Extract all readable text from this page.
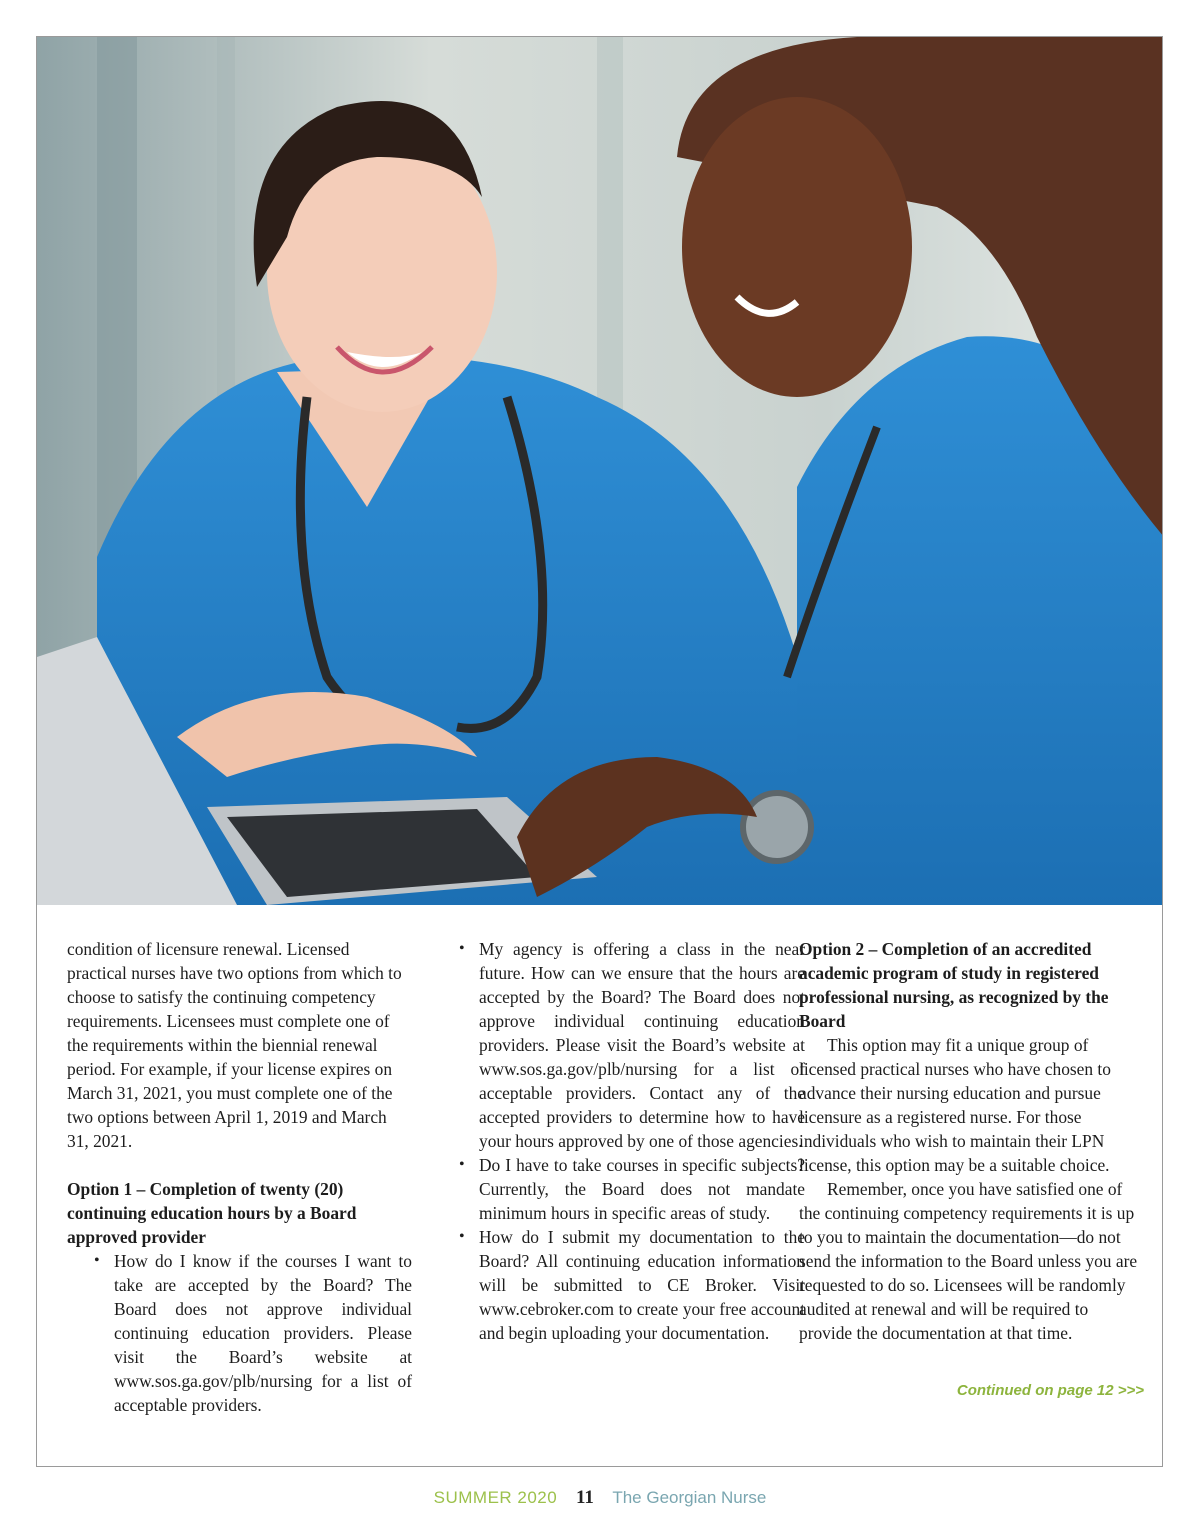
condition of licensure renewal. Licensed practical nurses have two options from which to choose to satisfy the continuing competency requirements. Licensees must complete one of the requirements within the biennial renewal period. For example, if your license expires on March 31, 2021, you must complete one of the two options between April 1, 2019 and March 31, 2021.

Option 1 – Completion of twenty (20) continuing education hours by a Board approved provider

• How do I know if the courses I want to take are accepted by the Board? The Board does not approve individual continuing education providers. Please visit the Board’s website at www.sos.ga.gov/plb/nursing for a list of acceptable providers.
• My agency is offering a class in the near future. How can we ensure that the hours are accepted by the Board? The Board does not approve individual continuing education providers. Please visit the Board’s website at www.sos.ga.gov/plb/nursing for a list of acceptable providers. Contact any of the accepted providers to determine how to have your hours approved by one of those agencies.
• Do I have to take courses in specific subjects? Currently, the Board does not mandate minimum hours in specific areas of study.
• How do I submit my documentation to the Board? All continuing education information will be submitted to CE Broker. Visit www.cebroker.com to create your free account and begin uploading your documentation.

Option 2 – Completion of an accredited academic program of study in registered professional nursing, as recognized by the Board

This option may fit a unique group of licensed practical nurses who have chosen to advance their nursing education and pursue licensure as a registered nurse. For those individuals who wish to maintain their LPN license, this option may be a suitable choice.

Remember, once you have satisfied one of the continuing competency requirements it is up to you to maintain the documentation—do not send the information to the Board unless you are requested to do so. Licensees will be randomly audited at renewal and will be required to provide the documentation at that time.

Continued on page 12 >>>
SUMMER 2020 11 The Georgian Nurse
